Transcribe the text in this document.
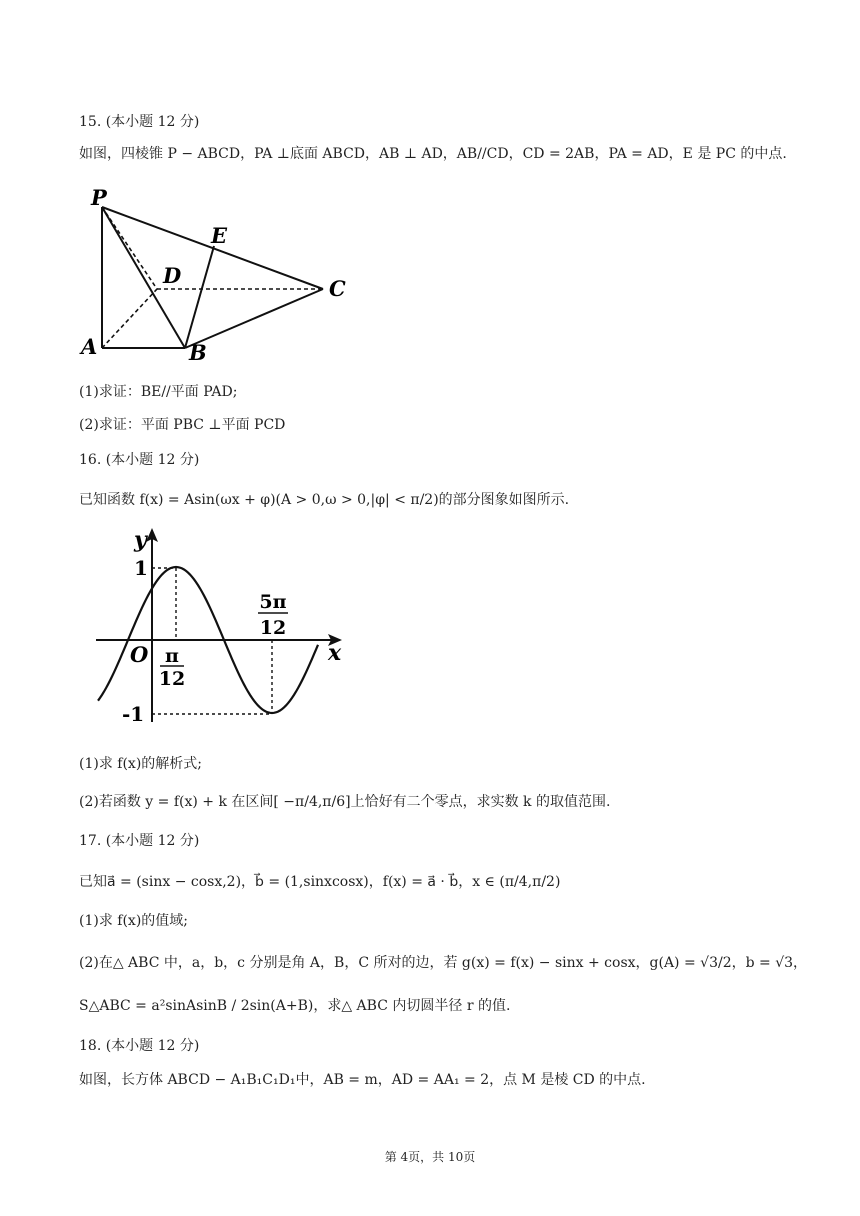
15. (本小题 12 分)
如图，四棱锥 P − ABCD，PA ⊥底面 ABCD，AB ⊥ AD，AB//CD，CD = 2AB，PA = AD，E 是 PC 的中点.
P
A	B
C
D
E
(1)求证：BE//平面 PAD;
(2)求证：平面 PBC ⊥平面 PCD
16. (本小题 12 分)
已知函数 f(x) = Asin(ωx + φ)(A > 0,ω > 0,|φ| < π/2)的部分图象如图所示.
y
x
O
1
-1
π
12
5π
12
(1)求 f(x)的解析式;
(2)若函数 y = f(x) + k 在区间[ −π/4,π/6]上恰好有二个零点，求实数 k 的取值范围.
17. (本小题 12 分)
已知a⃗ = (sinx − cosx,2)，b⃗ = (1,sinxcosx)，f(x) = a⃗ · b⃗，x ∈ (π/4,π/2)
(1)求 f(x)的值域;
(2)在△ ABC 中，a，b，c 分别是角 A，B，C 所对的边，若 g(x) = f(x) − sinx + cosx，g(A) = √3/2，b = √3，
S△ABC = a²sinAsinB / 2sin(A+B)，求△ ABC 内切圆半径 r 的值.
18. (本小题 12 分)
如图，长方体 ABCD − A₁B₁C₁D₁中，AB = m，AD = AA₁ = 2，点 M 是棱 CD 的中点.
第 4页，共 10页
